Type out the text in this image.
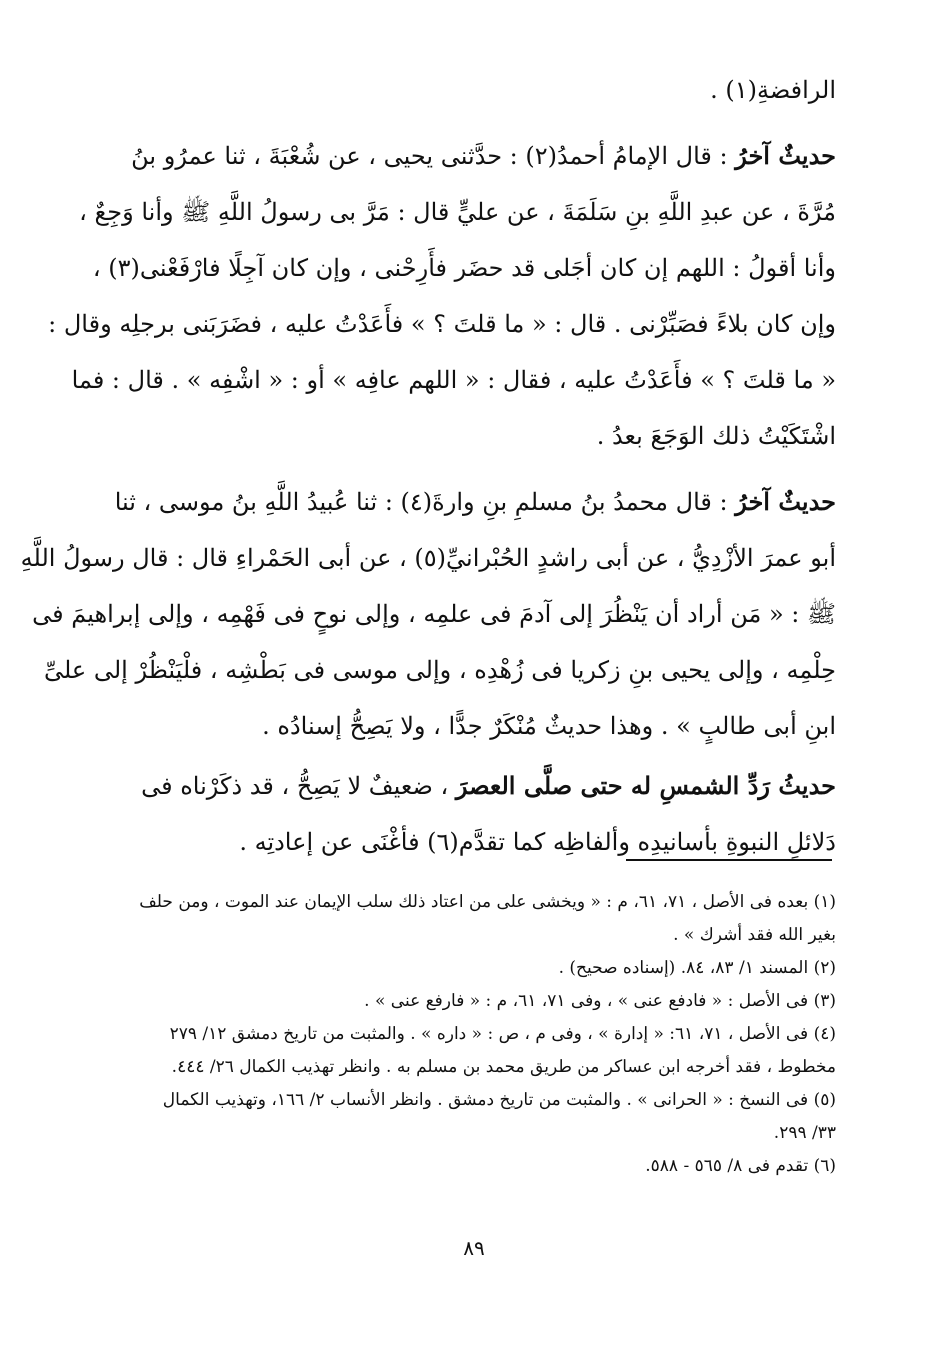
الرافضةِ(١) .
حديثٌ آخرُ : قال الإمامُ أحمدُ(٢) : حدَّثنى يحيى ، عن شُعْبَةَ ، ثنا عمرُو بنُ
مُرَّةَ ، عن عبدِ اللَّهِ بنِ سَلَمَةَ ، عن عليٍّ قال : مَرَّ بى رسولُ اللَّهِ ﷺ وأنا وَجِعٌ ،
وأنا أقولُ : اللهم إن كان أجَلى قد حضَر فأَرِحْنى ، وإن كان آجِلًا فارْفَعْنى(٣) ،
وإن كان بلاءً فصَبِّرْنى . قال : « ما قلتَ ؟ » فأَعَدْتُ عليه ، فضَرَبَنى برجلِه وقال :
« ما قلتَ ؟ » فأَعَدْتُ عليه ، فقال : « اللهم عافِه » أو : « اشْفِه » . قال : فما
اشْتَكَيْتُ ذلك الوَجَعَ بعدُ .
حديثٌ آخرُ : قال محمدُ بنُ مسلمِ بنِ وارةَ(٤) : ثنا عُبيدُ اللَّهِ بنُ موسى ، ثنا
أبو عمرَ الأزْدِيُّ ، عن أبى راشدٍ الحُبْرانيِّ(٥) ، عن أبى الحَمْراءِ قال : قال رسولُ اللَّهِ
ﷺ : « مَن أراد أن يَنْظُرَ إلى آدمَ فى علمِه ، وإلى نوحٍ فى فَهْمِه ، وإلى إبراهيمَ فى
حِلْمِه ، وإلى يحيى بنِ زكريا فى زُهْدِه ، وإلى موسى فى بَطْشِه ، فلْيَنْظُرْ إلى علىِّ
ابنِ أبى طالبٍ » . وهذا حديثٌ مُنْكَرٌ جدًّا ، ولا يَصِحُّ إسنادُه .
حديثُ رَدِّ الشمسِ له حتى صلَّى العصرَ ، ضعيفٌ لا يَصِحُّ ، قد ذكَرْناه فى
دَلائلِ النبوةِ بأسانيدِه وألفاظِه كما تقدَّم(٦) فأغْنَى عن إعادتِه .
(١) بعده فى الأصل ، ٧١، ٦١، م : « ويخشى على من اعتاد ذلك سلب الإيمان عند الموت ، ومن حلف
بغير الله فقد أشرك » .
(٢) المسند ١/ ٨٣، ٨٤. (إسناده صحيح) .
(٣) فى الأصل : « فادفع عنى » ، وفى ٧١، ٦١، م : « فارفع عنى » .
(٤) فى الأصل ، ٧١، ٦١: « إدارة » ، وفى م ، ص : « داره » . والمثبت من تاريخ دمشق ١٢/ ٢٧٩
مخطوط ، فقد أخرجه ابن عساكر من طريق محمد بن مسلم به . وانظر تهذيب الكمال ٢٦/ ٤٤٤.
(٥) فى النسخ : « الحرانى » . والمثبت من تاريخ دمشق . وانظر الأنساب ٢/ ١٦٦، وتهذيب الكمال
٣٣/ ٢٩٩.
(٦) تقدم فى ٨/ ٥٦٥ - ٥٨٨.
٨٩
